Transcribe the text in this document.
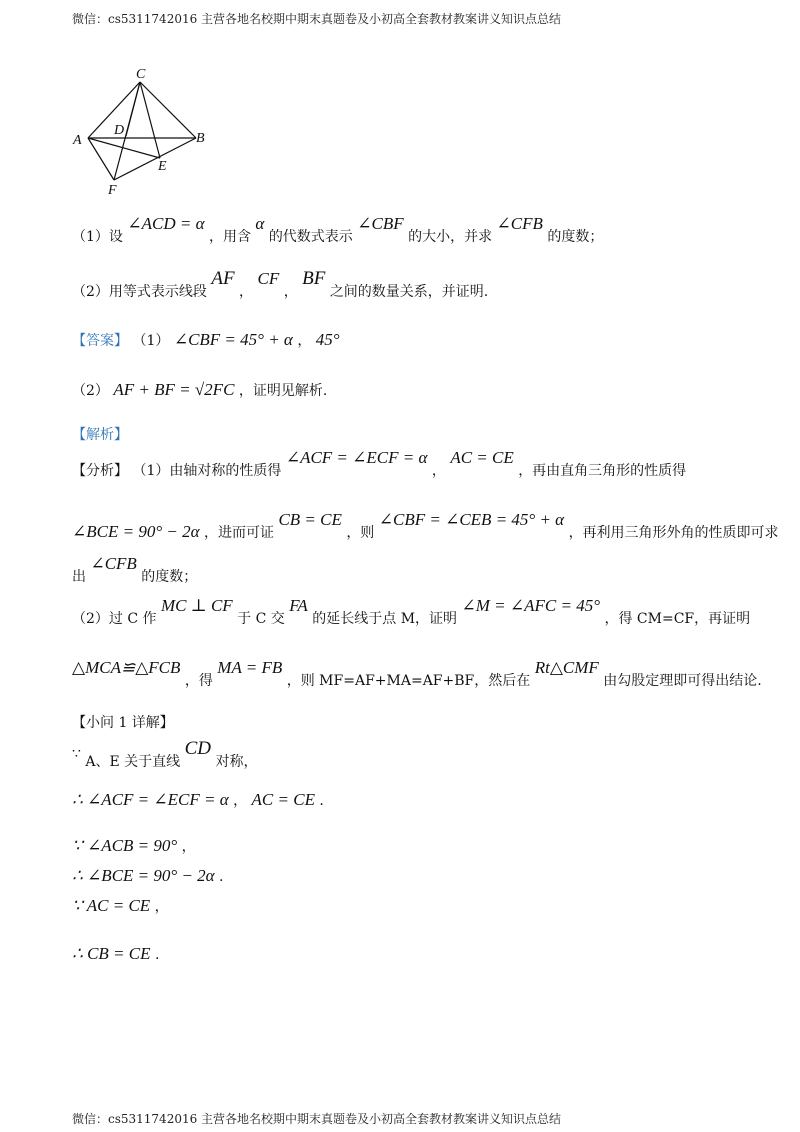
微信：cs5311742016 主营各地名校期中期末真题卷及小初高全套教材教案讲义知识点总结
C
A	B
D
E
F
（1）设 ∠ACD = α ，用含 α 的代数式表示 ∠CBF 的大小，并求 ∠CFB 的度数；
（2）用等式表示线段 AF ， CF ， BF 之间的数量关系，并证明.
【答案】 （1） ∠CBF = 45° + α ， 45°
（2） AF + BF = √2FC ，证明见解析.
【解析】
【分析】 （1）由轴对称的性质得 ∠ACF = ∠ECF = α ， AC = CE ，再由直角三角形的性质得
∠BCE = 90° − 2α ，进而可证 CB = CE ，则 ∠CBF = ∠CEB = 45° + α ，再利用三角形外角的性质即可求
出 ∠CFB 的度数；
（2）过 C 作 MC ⊥ CF 于 C 交 FA 的延长线于点 M，证明 ∠M = ∠AFC = 45° ，得 CM=CF，再证明
△MCA≌△FCB ，得 MA = FB ，则 MF=AF+MA=AF+BF，然后在 Rt△CMF 由勾股定理即可得出结论.
【小问 1 详解】
∵ A、E 关于直线 CD 对称，
∴ ∠ACF = ∠ECF = α ， AC = CE .
∵ ∠ACB = 90° ，
∴ ∠BCE = 90° − 2α .
∵ AC = CE ，
∴ CB = CE .
微信：cs5311742016 主营各地名校期中期末真题卷及小初高全套教材教案讲义知识点总结
